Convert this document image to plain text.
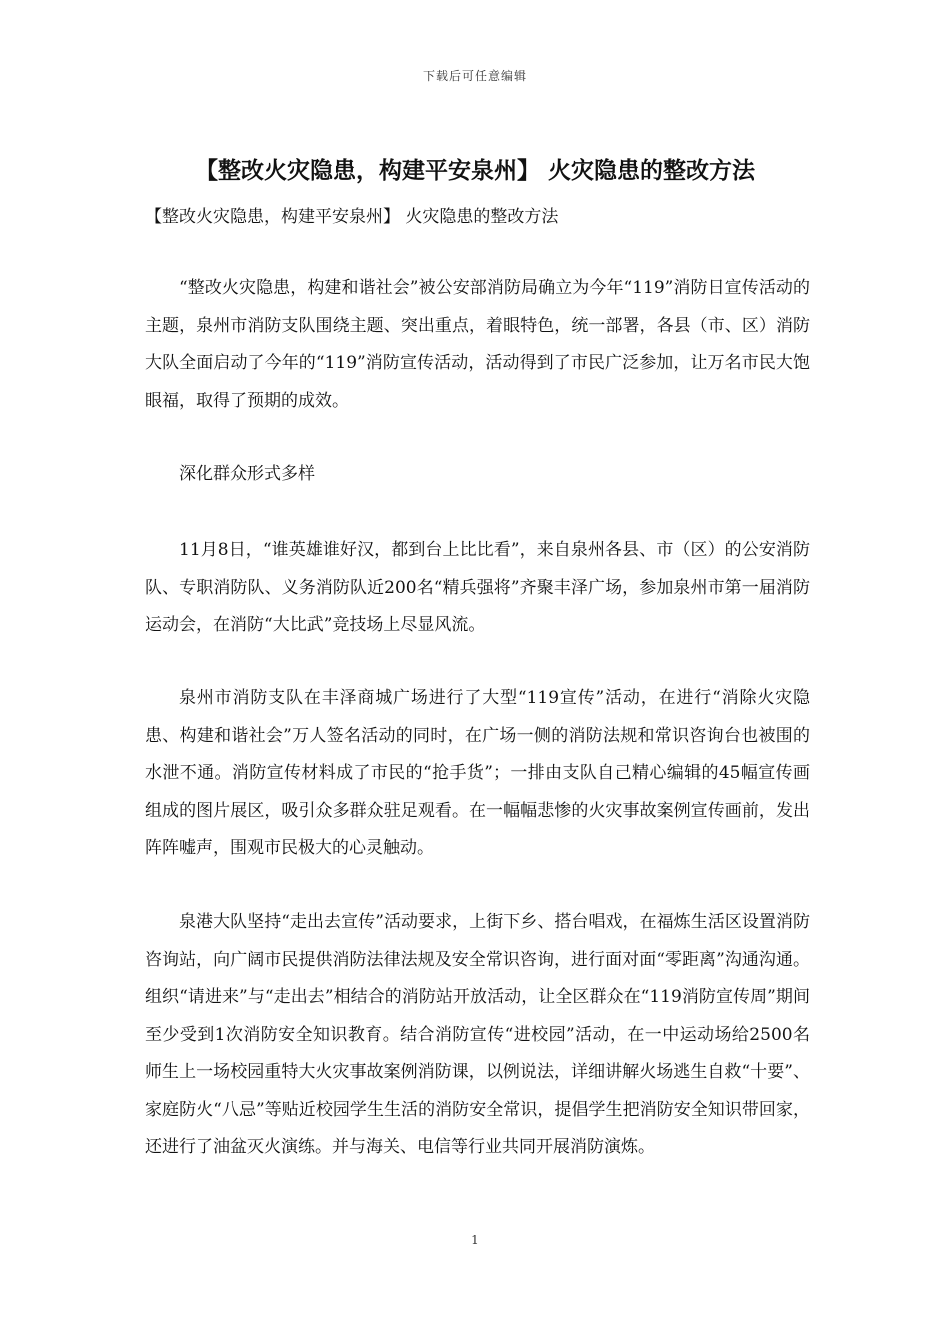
下载后可任意编辑
【整改火灾隐患，构建平安泉州】 火灾隐患的整改方法

【整改火灾隐患，构建平安泉州】 火灾隐患的整改方法

“整改火灾隐患，构建和谐社会”被公安部消防局确立为今年“119”消防日宣传活动的主题，泉州市消防支队围绕主题、突出重点，着眼特色，统一部署，各县（市、区）消防大队全面启动了今年的“119”消防宣传活动，活动得到了市民广泛参加，让万名市民大饱眼福，取得了预期的成效。

深化群众形式多样

11月8日，“谁英雄谁好汉，都到台上比比看”，来自泉州各县、市（区）的公安消防队、专职消防队、义务消防队近200名“精兵强将”齐聚丰泽广场，参加泉州市第一届消防运动会，在消防“大比武”竞技场上尽显风流。

泉州市消防支队在丰泽商城广场进行了大型“119宣传”活动，在进行“消除火灾隐患、构建和谐社会”万人签名活动的同时，在广场一侧的消防法规和常识咨询台也被围的水泄不通。消防宣传材料成了市民的“抢手货”；一排由支队自己精心编辑的45幅宣传画组成的图片展区，吸引众多群众驻足观看。在一幅幅悲惨的火灾事故案例宣传画前，发出阵阵嘘声，围观市民极大的心灵触动。

泉港大队坚持“走出去宣传”活动要求，上街下乡、搭台唱戏，在福炼生活区设置消防咨询站，向广阔市民提供消防法律法规及安全常识咨询，进行面对面“零距离”沟通沟通。组织“请进来”与“走出去”相结合的消防站开放活动，让全区群众在“119消防宣传周”期间至少受到1次消防安全知识教育。结合消防宣传“进校园”活动，在一中运动场给2500名师生上一场校园重特大火灾事故案例消防课，以例说法，详细讲解火场逃生自救“十要”、家庭防火“八忌”等贴近校园学生生活的消防安全常识，提倡学生把消防安全知识带回家，还进行了油盆灭火演练。并与海关、电信等行业共同开展消防演炼。

1
